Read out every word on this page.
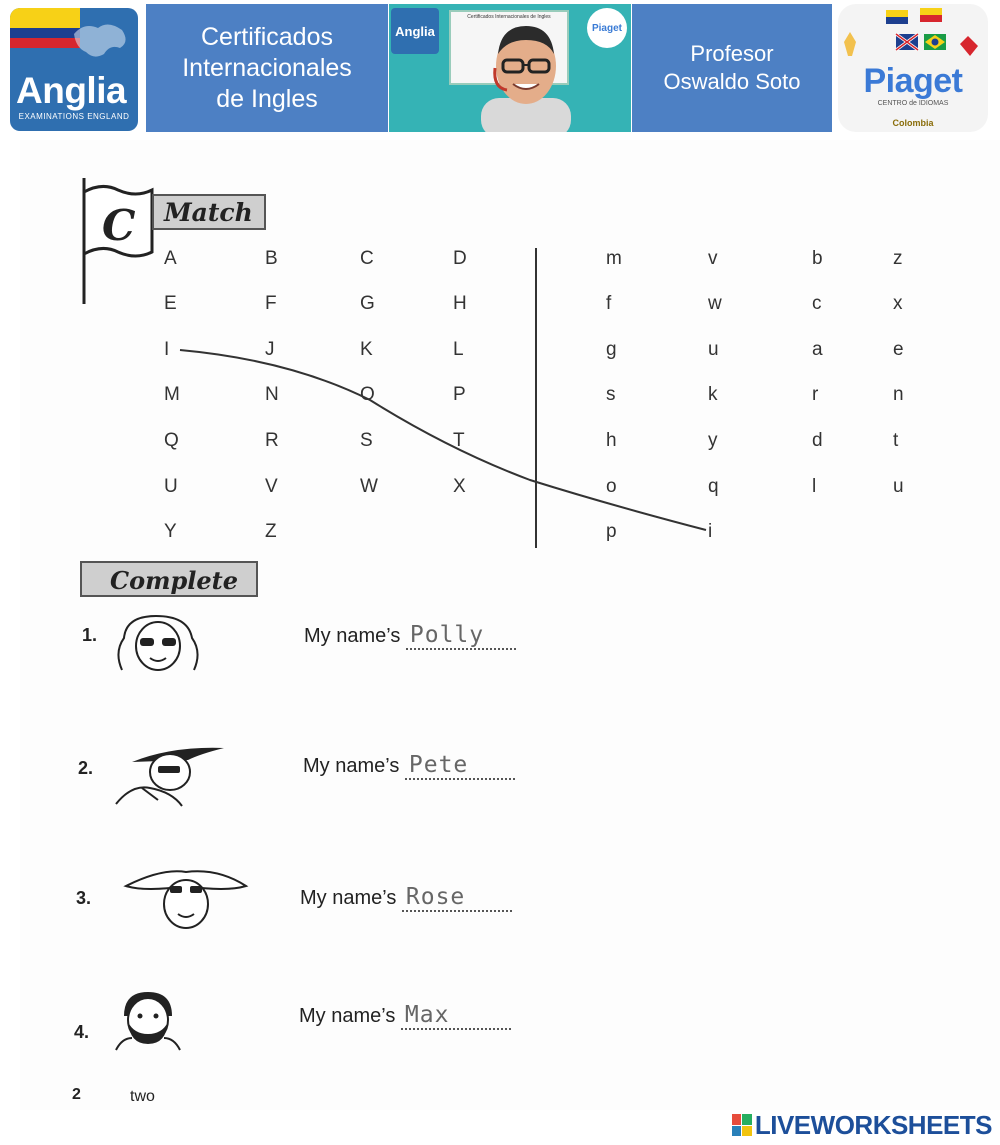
Anglia
EXAMINATIONS ENGLAND
Certificados
Internacionales
de Ingles
Anglia
Certificados Internacionales de Ingles
Piaget
Profesor
Oswaldo Soto	Piaget
CENTRO de IDIOMAS
Colombia
C	Match
A	B	C	D
E	F	G	H
I	J	K	L
M	N	O	P
Q	R	S	T
U	V	W	X
Y	Z
m	v	b	z
f	w	c	x
g	u	a	e
s	k	r	n
h	y	d	t
o	q	l	u
p	i
Complete
1.	My name’s Polly
2.	My name’s Pete
3.	My name’s Rose
4.
My name’s Max
2	two
LIVEWORKSHEETS
